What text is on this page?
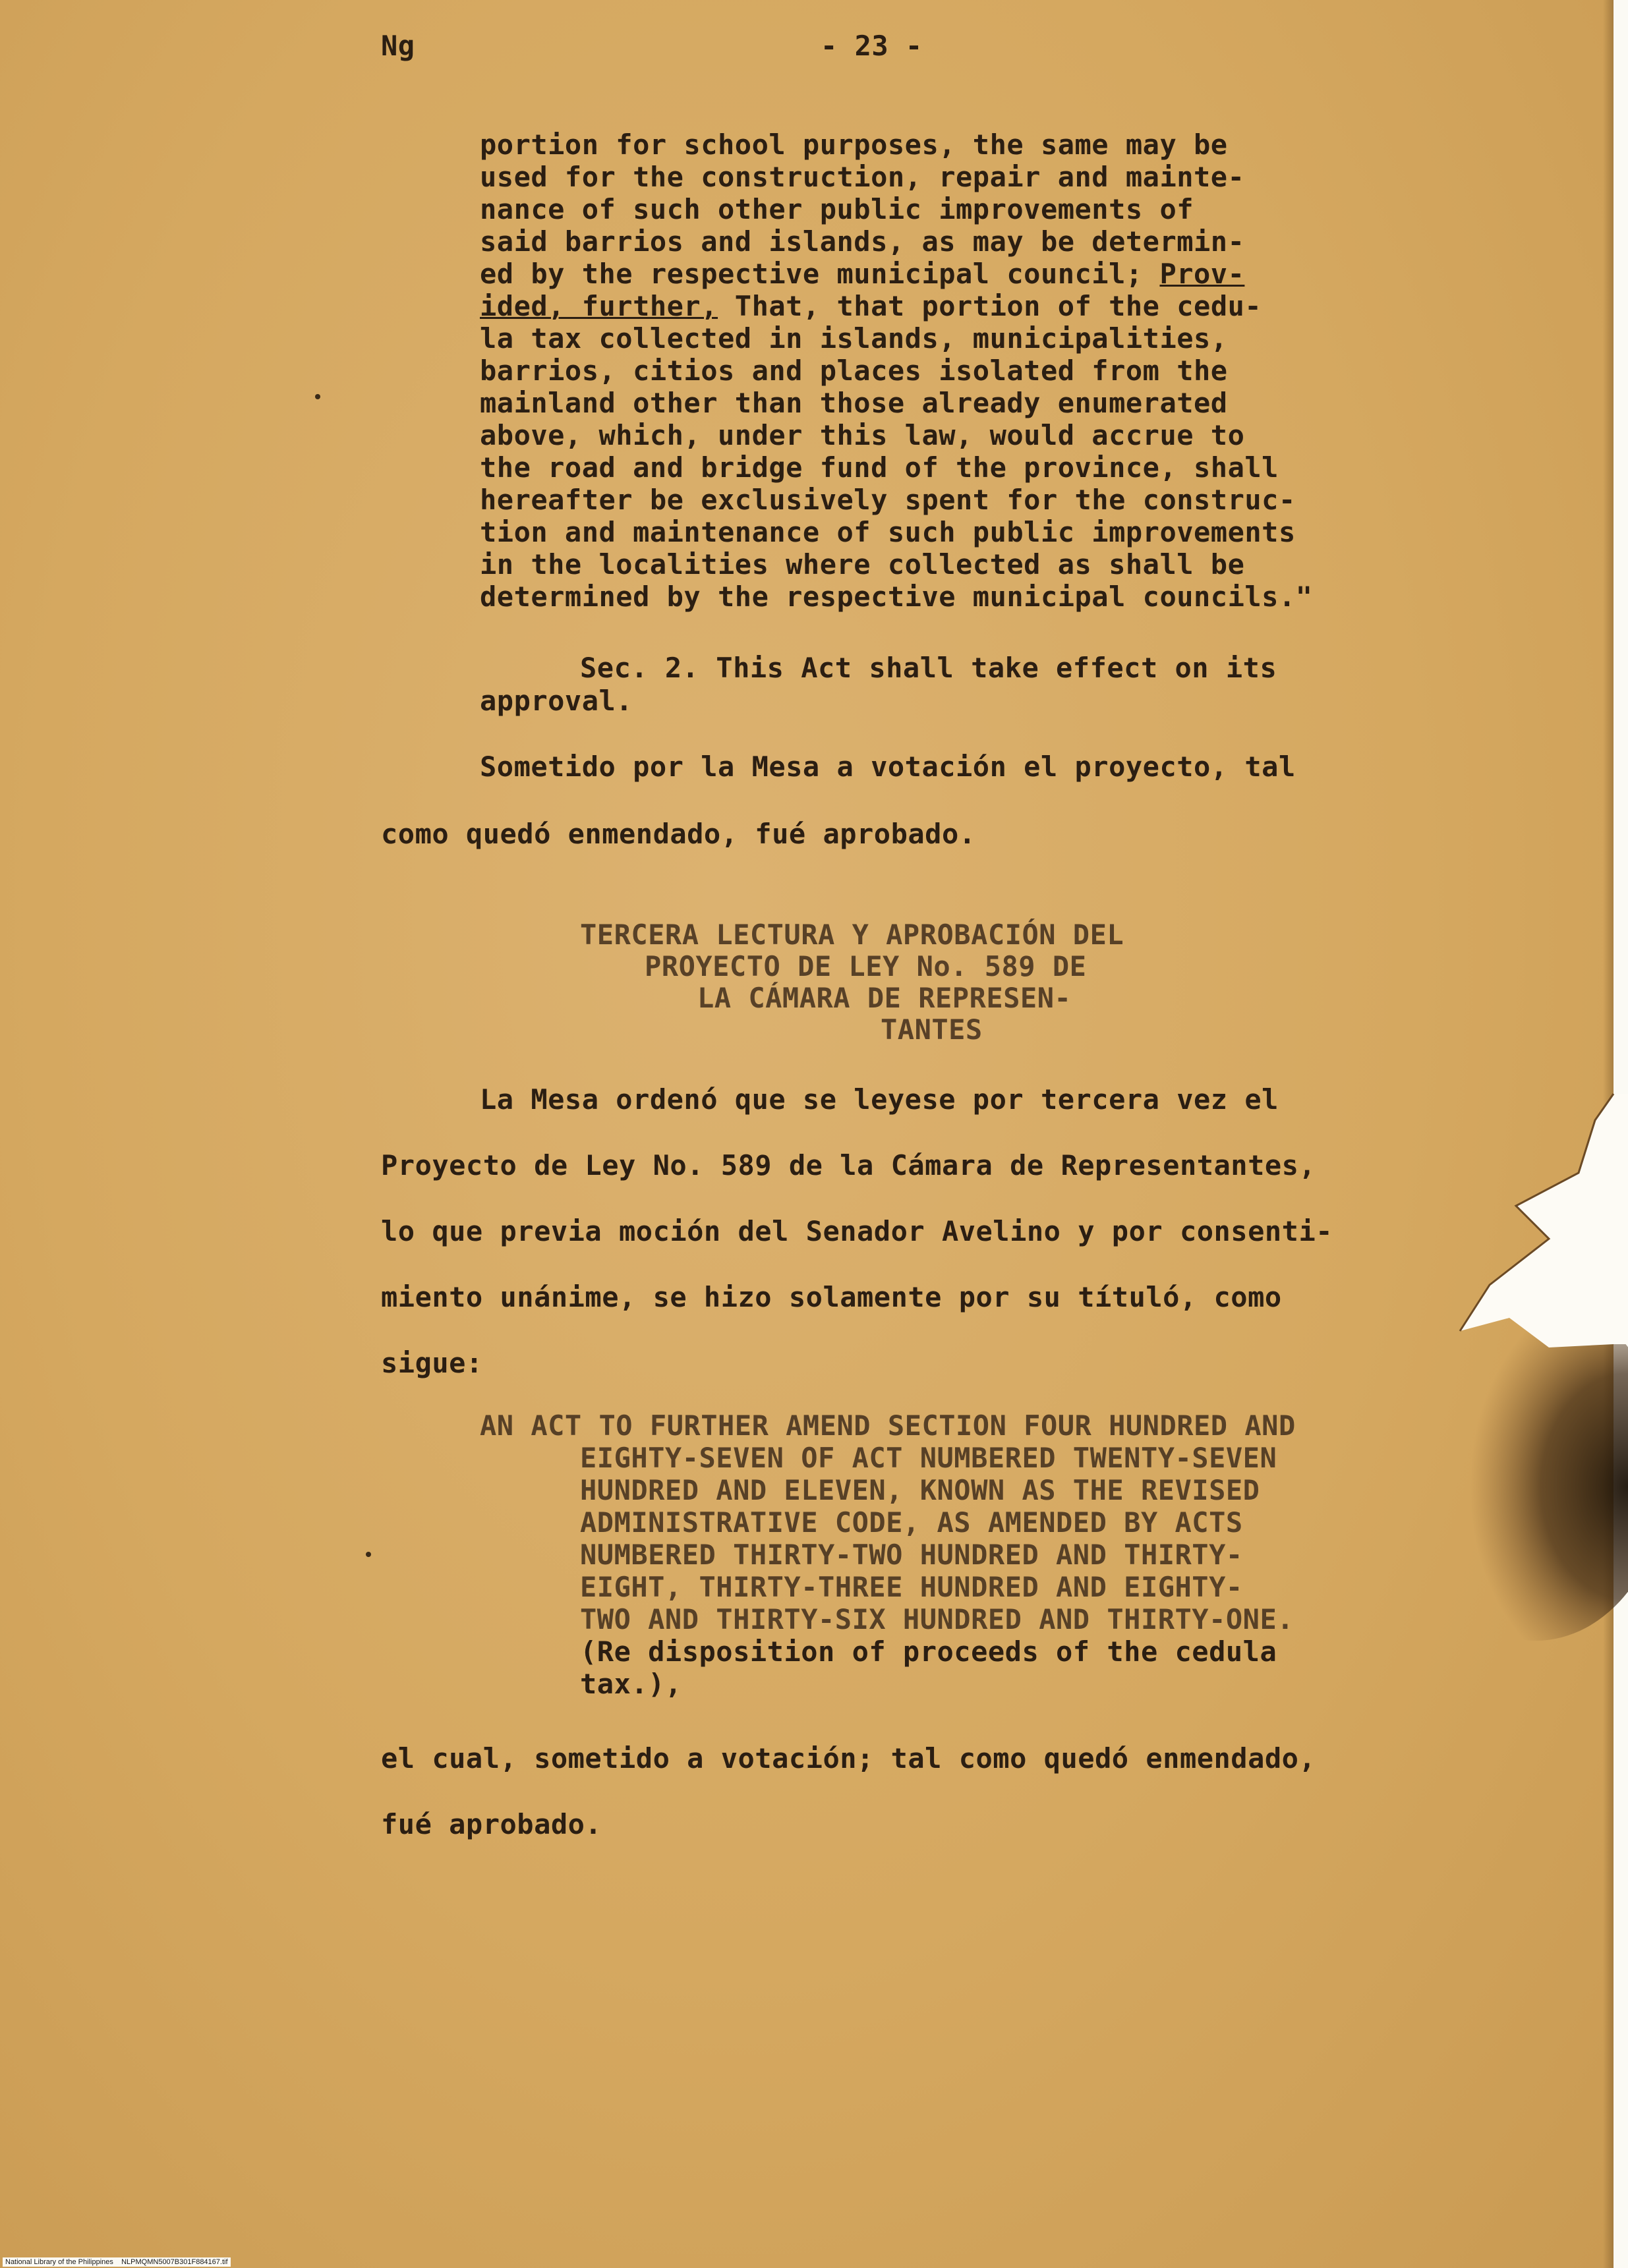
Ng	- 23 -

portion for school purposes, the same may be

used for the construction, repair and mainte-

nance of such other public improvements of

said barrios and islands, as may be determin-

ed by the respective municipal council; Prov-

ided, further, That, that portion of the cedu-

la tax collected in islands, municipalities,

barrios, citios and places isolated from the

mainland other than those already enumerated

above, which, under this law, would accrue to

the road and bridge fund of the province, shall

hereafter be exclusively spent for the construc-

tion and maintenance of such public improvements

in the localities where collected as shall be

determined by the respective municipal councils."

Sec. 2. This Act shall take effect on its

approval.

Sometido por la Mesa a votación el proyecto, tal

como quedó enmendado, fué aprobado.

TERCERA LECTURA Y APROBACIÓN DEL

PROYECTO DE LEY No. 589 DE

LA CÁMARA DE REPRESEN-

TANTES

La Mesa ordenó que se leyese por tercera vez el

Proyecto de Ley No. 589 de la Cámara de Representantes,

lo que previa moción del Senador Avelino y por consenti-

miento unánime, se hizo solamente por su títuló, como

sigue:

AN ACT TO FURTHER AMEND SECTION FOUR HUNDRED AND

EIGHTY-SEVEN OF ACT NUMBERED TWENTY-SEVEN

HUNDRED AND ELEVEN, KNOWN AS THE REVISED

ADMINISTRATIVE CODE, AS AMENDED BY ACTS

NUMBERED THIRTY-TWO HUNDRED AND THIRTY-

EIGHT, THIRTY-THREE HUNDRED AND EIGHTY-

TWO AND THIRTY-SIX HUNDRED AND THIRTY-ONE.

(Re disposition of proceeds of the cedula

tax.),

el cual, sometido a votación; tal como quedó enmendado,

fué aprobado.

National Library of the Philippines    NLPMQMN5007B301F884167.tif
